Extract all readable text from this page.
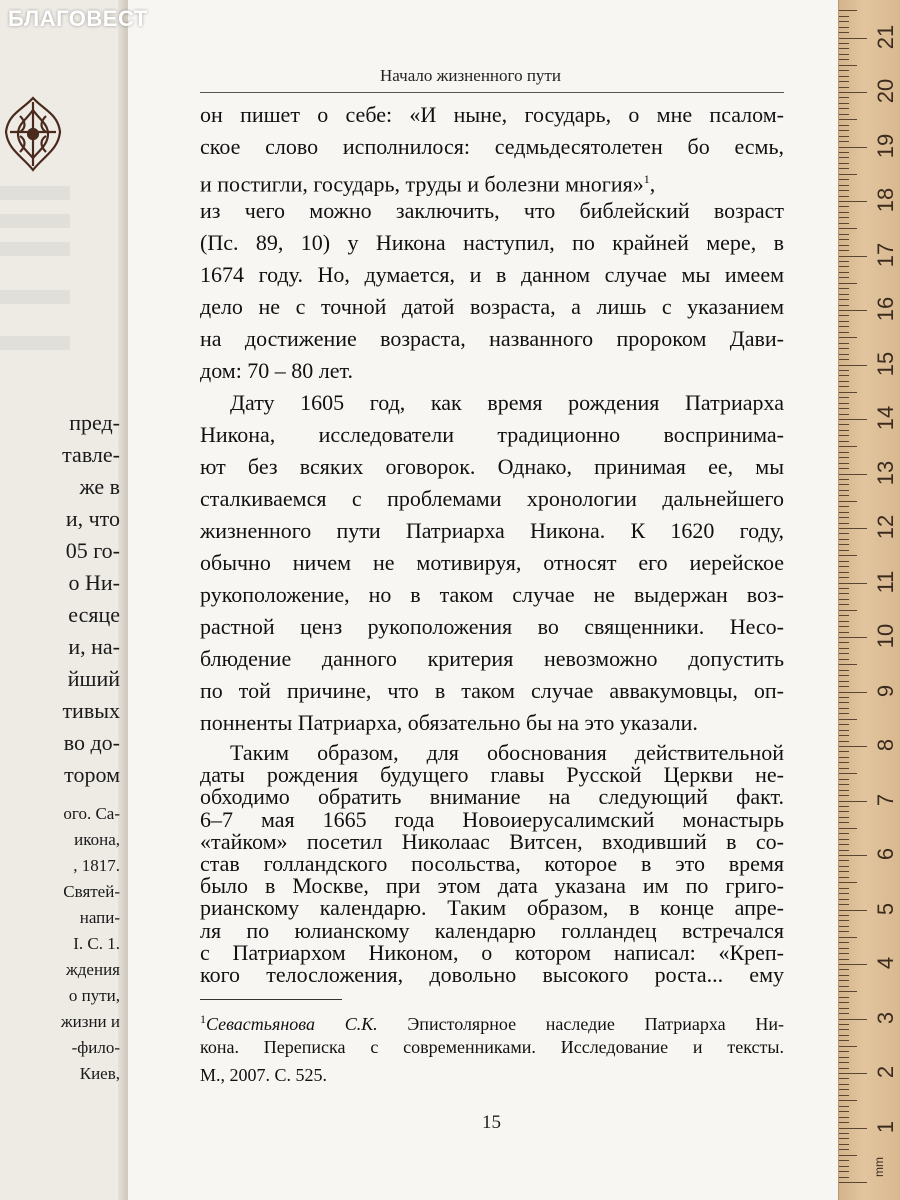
пред-
тавле-
же в
и, что
05 го-
о Ни-
есяце
и, на-
йший
тивых
во до-
тором
ого. Са-
икона,
, 1817.
Святей-
напи-
I. С. 1.
ждения
о пути,
жизни и
-фило-
Киев,
БЛАГОВЕСТ
Начало жизненного пути
он пишет о себе: «И ныне, государь, о мне псалом-
ское слово исполнилося: седмьдесятолетен бо есмь,
и постигли, государь, труды и болезни многия»$^1$,
из чего можно заключить, что библейский возраст
(Пс. 89, 10) у Никона наступил, по крайней мере, в
1674 году. Но, думается, и в данном случае мы имеем
дело не с точной датой возраста, а лишь с указанием
на достижение возраста, названного пророком Дави-
дом: 70 – 80 лет.
Дату 1605 год, как время рождения Патриарха
Никона, исследователи традиционно воспринима-
ют без всяких оговорок. Однако, принимая ее, мы
сталкиваемся с проблемами хронологии дальнейшего
жизненного пути Патриарха Никона. К 1620 году,
обычно ничем не мотивируя, относят его иерейское
рукоположение, но в таком случае не выдержан воз-
растной ценз рукоположения во священники. Несо-
блюдение данного критерия невозможно допустить
по той причине, что в таком случае аввакумовцы, оп-
понненты Патриарха, обязательно бы на это указали.
Таким образом, для обоснования действительной
даты рождения будущего главы Русской Церкви не-
обходимо обратить внимание на следующий факт.
6–7 мая 1665 года Новоиерусалимский монастырь
«тайком» посетил Николаас Витсен, входивший в со-
став голландского посольства, которое в это время
было в Москве, при этом дата указана им по григо-
рианскому календарю. Таким образом, в конце апре-
ля по юлианскому календарю голландец встречался
с Патриархом Никоном, о котором написал: «Креп-
кого телосложения, довольно высокого роста... ему
$^1$Севастьянова С.К. Эпистолярное наследие Патриарха Ни-
кона. Переписка с современниками. Исследование и тексты.
М., 2007. С. 525.
15
mm
1
2
3
4
5
6
7
8
9
10
11
12
13
14
15
16
17
18
19
20
21
